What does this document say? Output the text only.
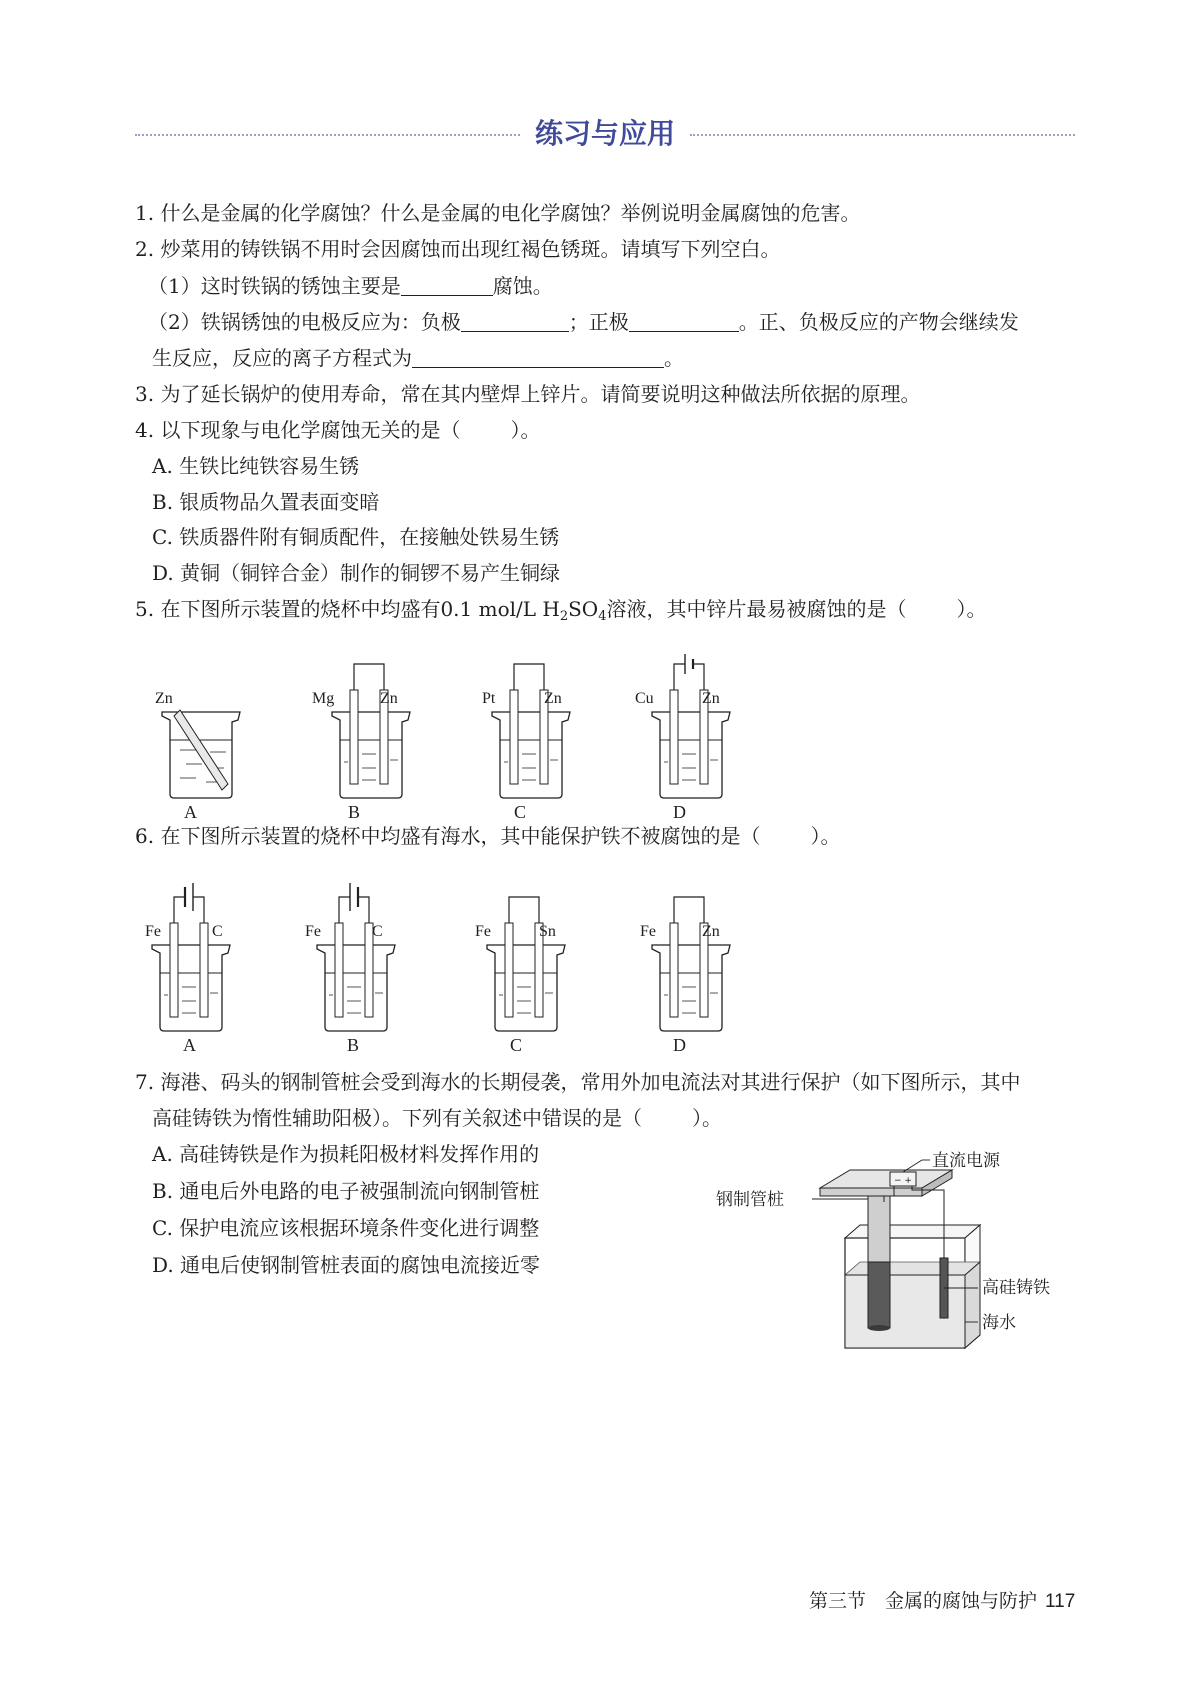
练习与应用
1. 什么是金属的化学腐蚀？什么是金属的电化学腐蚀？举例说明金属腐蚀的危害。
2. 炒菜用的铸铁锅不用时会因腐蚀而出现红褐色锈斑。请填写下列空白。
（1）这时铁锅的锈蚀主要是	腐蚀。
（2）铁锅锈蚀的电极反应为：负极	；正极	。正、负极反应的产物会继续发
生反应，反应的离子方程式为	。
3. 为了延长锅炉的使用寿命，常在其内壁焊上锌片。请简要说明这种做法所依据的原理。
4. 以下现象与电化学腐蚀无关的是（	）。
A. 生铁比纯铁容易生锈
B. 银质物品久置表面变暗
C. 铁质器件附有铜质配件，在接触处铁易生锈
D. 黄铜（铜锌合金）制作的铜锣不易产生铜绿
5. 在下图所示装置的烧杯中均盛有0.1 mol/L $H_2SO_4$溶液，其中锌片最易被腐蚀的是（	）。
Zn
A
Mg	Zn
B
Pt	Zn
C
Cu	Zn
D
6. 在下图所示装置的烧杯中均盛有海水，其中能保护铁不被腐蚀的是（	）。
Fe	C
A
Fe	C
B
Fe	Sn
C
Fe	Zn
D
7. 海港、码头的钢制管桩会受到海水的长期侵袭，常用外加电流法对其进行保护（如下图所示，其中
高硅铸铁为惰性辅助阳极）。下列有关叙述中错误的是（	）。
A. 高硅铸铁是作为损耗阳极材料发挥作用的
B. 通电后外电路的电子被强制流向钢制管桩
C. 保护电流应该根据环境条件变化进行调整
D. 通电后使钢制管桩表面的腐蚀电流接近零
− +
直流电源
钢制管桩
高硅铸铁
海水
第三节　金属的腐蚀与防护 117
